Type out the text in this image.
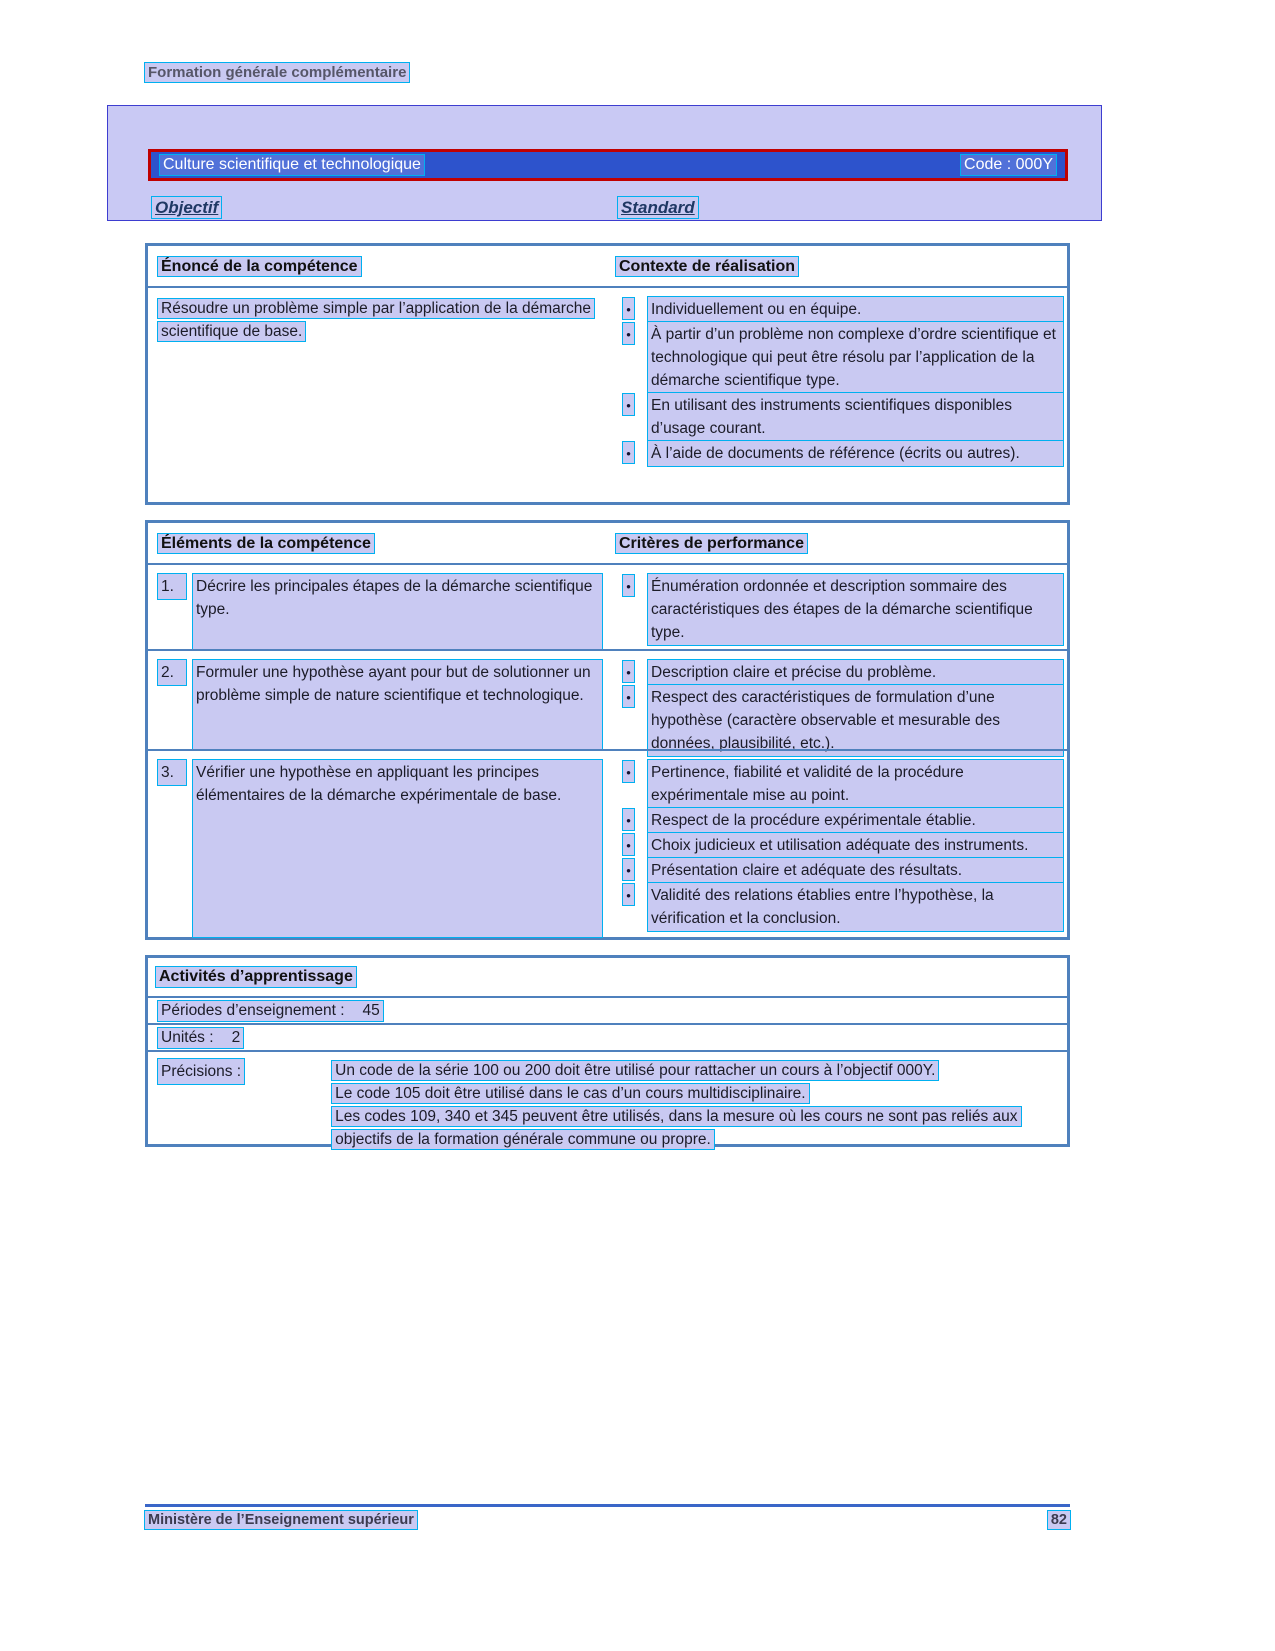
Formation générale complémentaire
Culture scientifique et technologique	Code : 000Y
Objectif	Standard
Énoncé de la compétence	Contexte de réalisation
Résoudre un problème simple par l’application de la démarche scientifique de base.
• Individuellement ou en équipe.
• À partir d’un problème non complexe d’ordre scientifique et technologique qui peut être résolu par l’application de la démarche scientifique type.
• En utilisant des instruments scientifiques disponibles d’usage courant.
• À l’aide de documents de référence (écrits ou autres).
Éléments de la compétence	Critères de performance
1.	Décrire les principales étapes de la démarche scientifique type.
• Énumération ordonnée et description sommaire des caractéristiques des étapes de la démarche scientifique type.
2.	Formuler une hypothèse ayant pour but de solutionner un problème simple de nature scientifique et technologique.
• Description claire et précise du problème.
• Respect des caractéristiques de formulation d’une hypothèse (caractère observable et mesurable des données, plausibilité, etc.).
3.	Vérifier une hypothèse en appliquant les principes élémentaires de la démarche expérimentale de base.
• Pertinence, fiabilité et validité de la procédure expérimentale mise au point.
• Respect de la procédure expérimentale établie.
• Choix judicieux et utilisation adéquate des instruments.
• Présentation claire et adéquate des résultats.
• Validité des relations établies entre l’hypothèse, la vérification et la conclusion.
Activités d’apprentissage
Périodes d’enseignement : 45
Unités : 2
Précisions :	Un code de la série 100 ou 200 doit être utilisé pour rattacher un cours à l’objectif 000Y.
Le code 105 doit être utilisé dans le cas d’un cours multidisciplinaire.
Les codes 109, 340 et 345 peuvent être utilisés, dans la mesure où les cours ne sont pas reliés aux objectifs de la formation générale commune ou propre.
Ministère de l’Enseignement supérieur	82
